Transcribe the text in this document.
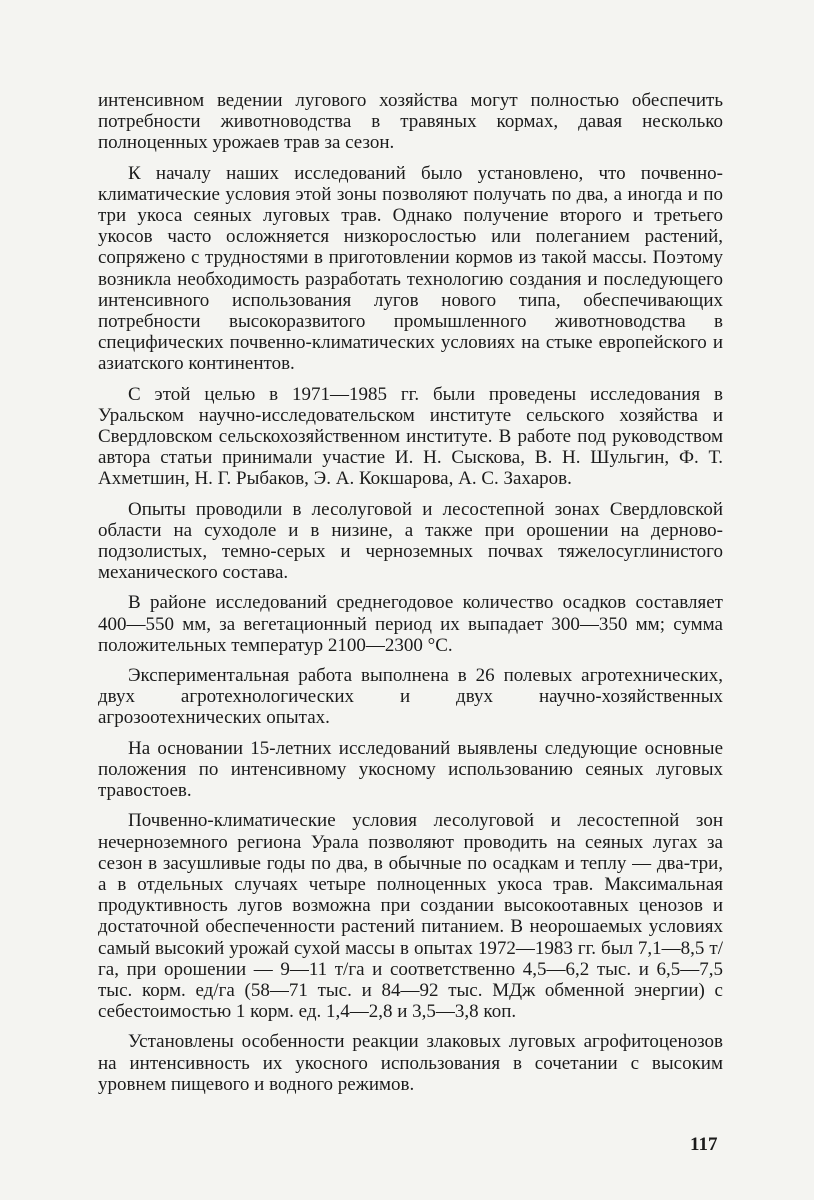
интенсивном ведении лугового хозяйства могут полностью обеспечить потребности животноводства в травяных кормах, давая несколько полноценных урожаев трав за сезон.

К началу наших исследований было установлено, что почвенно-климатические условия этой зоны позволяют получать по два, а иногда и по три укоса сеяных луговых трав. Однако получение второго и третьего укосов часто осложняется низкорослостью или полеганием растений, сопряжено с трудностями в приготовлении кормов из такой массы. Поэтому возникла необходимость разработать технологию создания и последующего интенсивного использования лугов нового типа, обеспечивающих потребности высокоразвитого промышленного животноводства в специфических почвенно-климатических условиях на стыке европейского и азиатского континентов.

С этой целью в 1971—1985 гг. были проведены исследования в Уральском научно-исследовательском институте сельского хозяйства и Свердловском сельскохозяйственном институте. В работе под руководством автора статьи принимали участие И. Н. Сыскова, В. Н. Шульгин, Ф. Т. Ахметшин, Н. Г. Рыбаков, Э. А. Кокшарова, А. С. Захаров.

Опыты проводили в лесолуговой и лесостепной зонах Свердловской области на суходоле и в низине, а также при орошении на дерново-подзолистых, темно-серых и черноземных почвах тяжелосуглинистого механического состава.

В районе исследований среднегодовое количество осадков составляет 400—550 мм, за вегетационный период их выпадает 300—350 мм; сумма положительных температур 2100—2300 °С.

Экспериментальная работа выполнена в 26 полевых агротехнических, двух агротехнологических и двух научно-хозяйственных агрозоотехнических опытах.

На основании 15-летних исследований выявлены следующие основные положения по интенсивному укосному использованию сеяных луговых травостоев.

Почвенно-климатические условия лесолуговой и лесостепной зон нечерноземного региона Урала позволяют проводить на сеяных лугах за сезон в засушливые годы по два, в обычные по осадкам и теплу — два-три, а в отдельных случаях четыре полноценных укоса трав. Максимальная продуктивность лугов возможна при создании высокоотавных ценозов и достаточной обеспеченности растений питанием. В неорошаемых условиях самый высокий урожай сухой массы в опытах 1972—1983 гг. был 7,1—8,5 т/га, при орошении — 9—11 т/га и соответственно 4,5—6,2 тыс. и 6,5—7,5 тыс. корм. ед/га (58—71 тыс. и 84—92 тыс. МДж обменной энергии) с себестоимостью 1 корм. ед. 1,4—2,8 и 3,5—3,8 коп.

Установлены особенности реакции злаковых луговых агрофитоценозов на интенсивность их укосного использования в сочетании с высоким уровнем пищевого и водного режимов.

117
